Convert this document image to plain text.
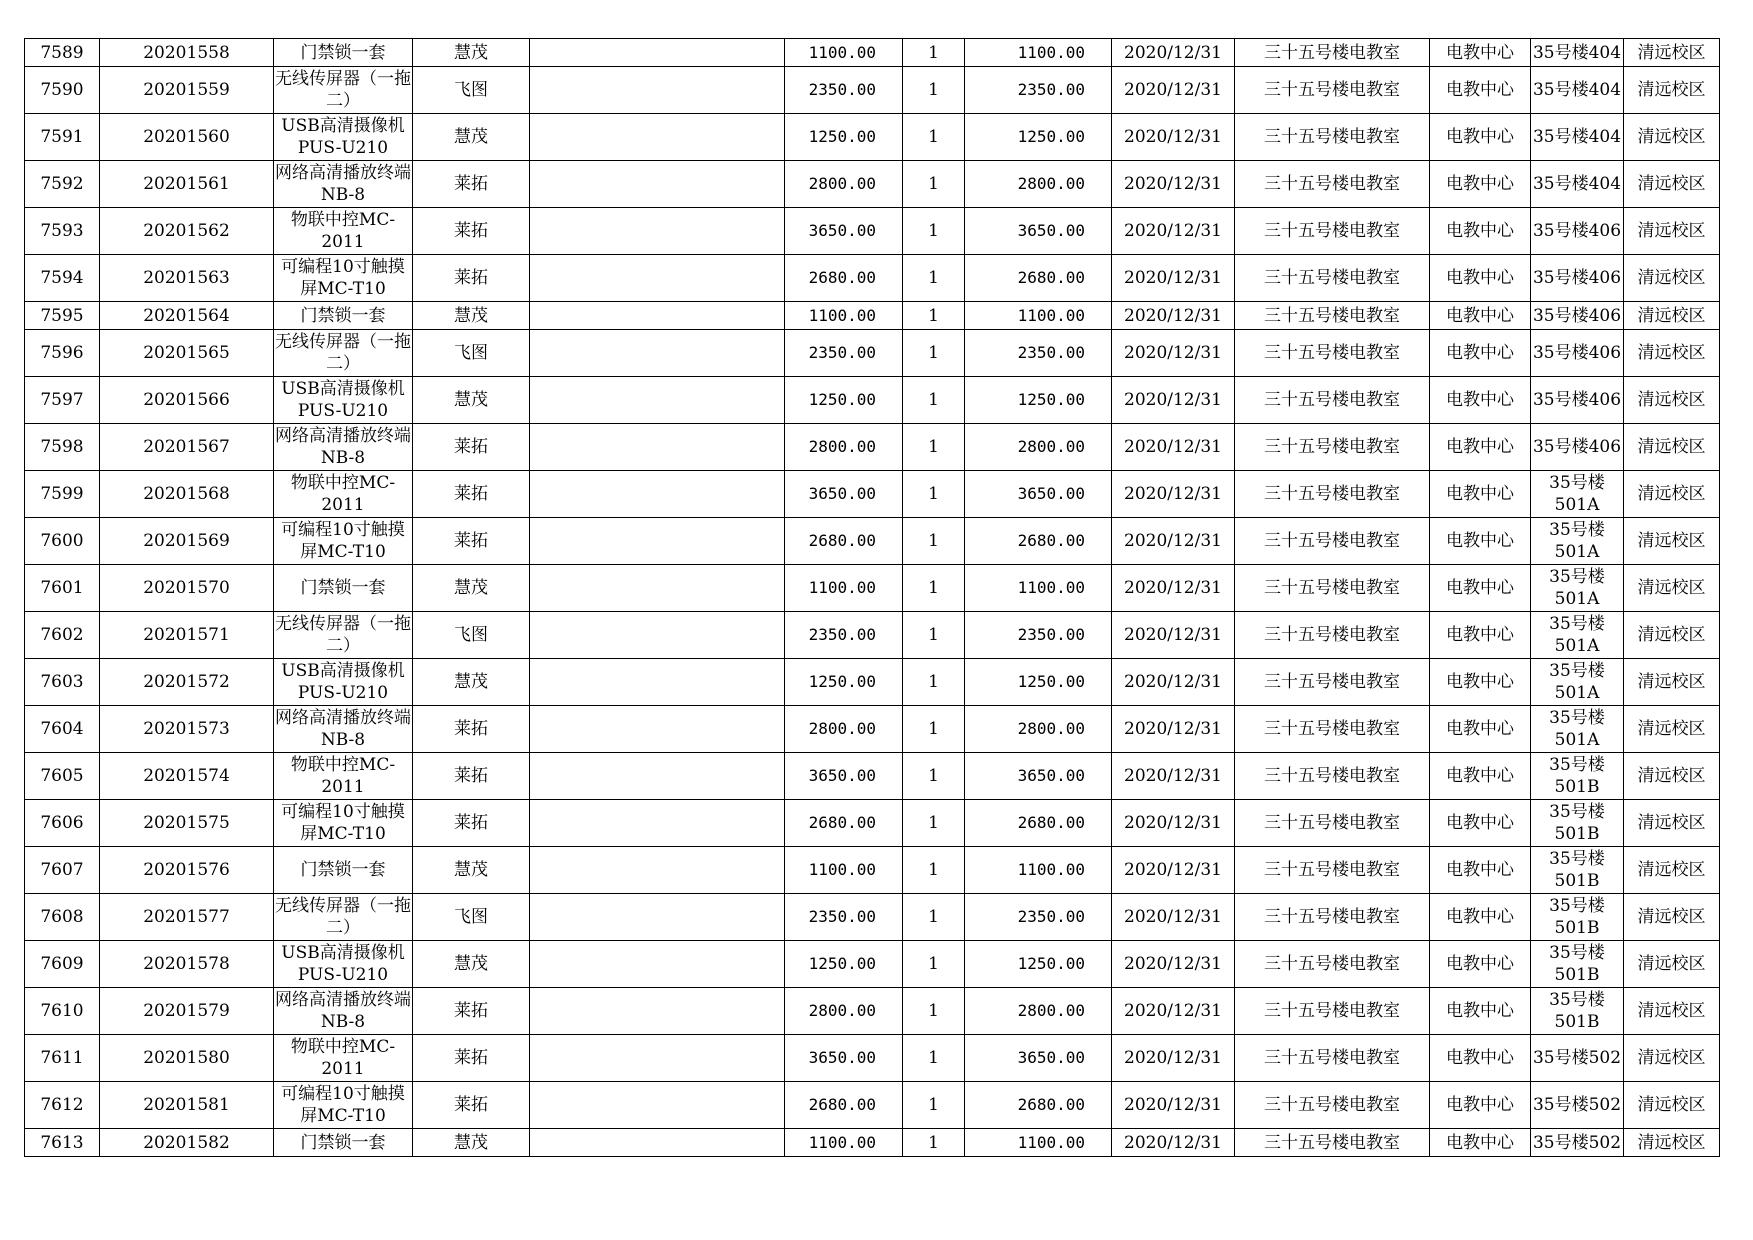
7589	20201558	门禁锁一套	慧茂		1100.00	1	1100.00	2020/12/31	三十五号楼电教室	电教中心	35号楼404	清远校区
7590	20201559	无线传屏器（一拖二）	飞图		2350.00	1	2350.00	2020/12/31	三十五号楼电教室	电教中心	35号楼404	清远校区
7591	20201560	USB高清摄像机PUS-U210	慧茂		1250.00	1	1250.00	2020/12/31	三十五号楼电教室	电教中心	35号楼404	清远校区
7592	20201561	网络高清播放终端NB-8	莱拓		2800.00	1	2800.00	2020/12/31	三十五号楼电教室	电教中心	35号楼404	清远校区
7593	20201562	物联中控MC-2011	莱拓		3650.00	1	3650.00	2020/12/31	三十五号楼电教室	电教中心	35号楼406	清远校区
7594	20201563	可编程10寸触摸屏MC-T10	莱拓		2680.00	1	2680.00	2020/12/31	三十五号楼电教室	电教中心	35号楼406	清远校区
7595	20201564	门禁锁一套	慧茂		1100.00	1	1100.00	2020/12/31	三十五号楼电教室	电教中心	35号楼406	清远校区
7596	20201565	无线传屏器（一拖二）	飞图		2350.00	1	2350.00	2020/12/31	三十五号楼电教室	电教中心	35号楼406	清远校区
7597	20201566	USB高清摄像机PUS-U210	慧茂		1250.00	1	1250.00	2020/12/31	三十五号楼电教室	电教中心	35号楼406	清远校区
7598	20201567	网络高清播放终端NB-8	莱拓		2800.00	1	2800.00	2020/12/31	三十五号楼电教室	电教中心	35号楼406	清远校区
7599	20201568	物联中控MC-2011	莱拓		3650.00	1	3650.00	2020/12/31	三十五号楼电教室	电教中心	35号楼501A	清远校区
7600	20201569	可编程10寸触摸屏MC-T10	莱拓		2680.00	1	2680.00	2020/12/31	三十五号楼电教室	电教中心	35号楼501A	清远校区
7601	20201570	门禁锁一套	慧茂		1100.00	1	1100.00	2020/12/31	三十五号楼电教室	电教中心	35号楼501A	清远校区
7602	20201571	无线传屏器（一拖二）	飞图		2350.00	1	2350.00	2020/12/31	三十五号楼电教室	电教中心	35号楼501A	清远校区
7603	20201572	USB高清摄像机PUS-U210	慧茂		1250.00	1	1250.00	2020/12/31	三十五号楼电教室	电教中心	35号楼501A	清远校区
7604	20201573	网络高清播放终端NB-8	莱拓		2800.00	1	2800.00	2020/12/31	三十五号楼电教室	电教中心	35号楼501A	清远校区
7605	20201574	物联中控MC-2011	莱拓		3650.00	1	3650.00	2020/12/31	三十五号楼电教室	电教中心	35号楼501B	清远校区
7606	20201575	可编程10寸触摸屏MC-T10	莱拓		2680.00	1	2680.00	2020/12/31	三十五号楼电教室	电教中心	35号楼501B	清远校区
7607	20201576	门禁锁一套	慧茂		1100.00	1	1100.00	2020/12/31	三十五号楼电教室	电教中心	35号楼501B	清远校区
7608	20201577	无线传屏器（一拖二）	飞图		2350.00	1	2350.00	2020/12/31	三十五号楼电教室	电教中心	35号楼501B	清远校区
7609	20201578	USB高清摄像机PUS-U210	慧茂		1250.00	1	1250.00	2020/12/31	三十五号楼电教室	电教中心	35号楼501B	清远校区
7610	20201579	网络高清播放终端NB-8	莱拓		2800.00	1	2800.00	2020/12/31	三十五号楼电教室	电教中心	35号楼501B	清远校区
7611	20201580	物联中控MC-2011	莱拓		3650.00	1	3650.00	2020/12/31	三十五号楼电教室	电教中心	35号楼502	清远校区
7612	20201581	可编程10寸触摸屏MC-T10	莱拓		2680.00	1	2680.00	2020/12/31	三十五号楼电教室	电教中心	35号楼502	清远校区
7613	20201582	门禁锁一套	慧茂		1100.00	1	1100.00	2020/12/31	三十五号楼电教室	电教中心	35号楼502	清远校区
